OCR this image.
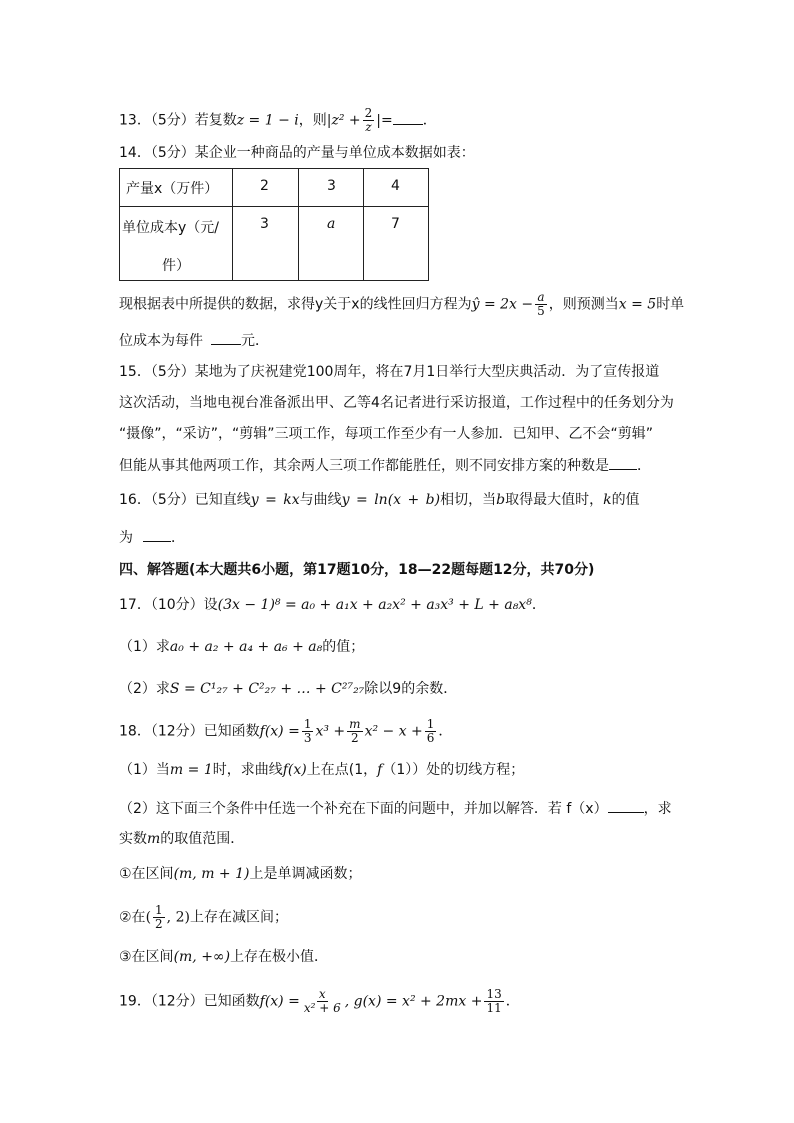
13．（5分）若复数z = 1 − i，则$|z^2 + \frac{2}{z}$ |= ．
14．（5分）某企业一种商品的产量与单位成本数据如表：
产量x（万件）	2	3	4

单位成本y（元/
件）	3	a	7
现根据表中所提供的数据，求得y关于x的线性回归方程为ŷ = $2x - \frac{a}{5}$ ，则预测当x = 5时单
位成本为每件	元．
15．（5分）某地为了庆祝建党100周年，将在7月1日举行大型庆典活动．为了宣传报道
这次活动，当地电视台准备派出甲、乙等4名记者进行采访报道，工作过程中的任务划分为
“摄像”，“采访”，“剪辑”三项工作，每项工作至少有一人参加．已知甲、乙不会“剪辑”
但能从事其他两项工作，其余两人三项工作都能胜任，则不同安排方案的种数是 ．
16．（5分）已知直线y = kx与曲线y = ln(x + b)相切，当b取得最大值时，k的值
为	．
四、解答题(本大题共6小题，第17题10分，18—22题每题12分，共70分)
17．（10分）设(3x − 1)⁸ = a₀ + a₁x + a₂x² + a₃x³ + L + a₈x⁸．
（1）求a₀ + a₂ + a₄ + a₆ + a₈的值；
（2）求S = C¹₂₇ + C²₂₇ + … + C²⁷₂₇除以9的余数．
18．（12分）已知函数$f(x) = \frac{1}{3} x^3 + \frac{m}{2} x^2 - x + \frac{1}{6}$ ．
（1）当m = 1时，求曲线f(x)上在点(1，f（1））处的切线方程；
（2）这下面三个条件中任选一个补充在下面的问题中，并加以解答．若 f（x）	，求
实数m的取值范围．
①在区间(m, m + 1)上是单调减函数；
②在( $\frac{1}{2}$ , 2)上存在减区间；
③在区间(m, +∞)上存在极小值．
19．（12分）已知函数$f(x) = \frac{x}{\text{x² + 6}}$ , $g(x) = x^2 + 2mx + \frac{13}{11}$ ．
